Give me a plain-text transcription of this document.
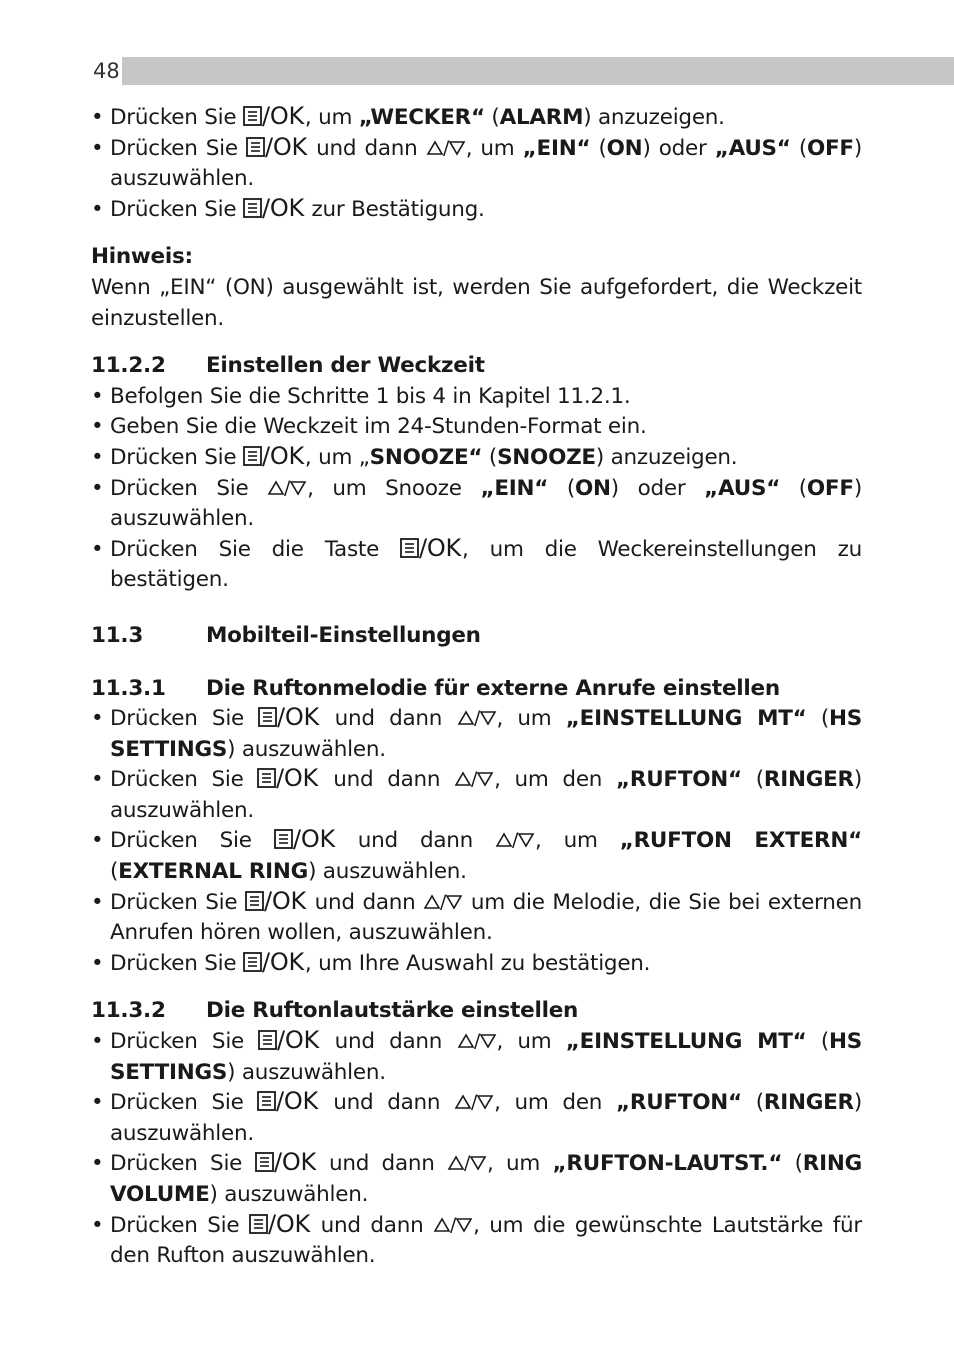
48
• Drücken Sie /OK , um „WECKER“ (ALARM) anzuzeigen.
• Drücken Sie /OK und dann / , um „EIN“ (ON) oder „AUS“ (OFF) auszuwählen.
• Drücken Sie /OK zur Bestätigung.
Hinweis:
Wenn „EIN“ (ON) ausgewählt ist, werden Sie aufgefordert, die Weckzeit einzustellen.
11.2.2	Einstellen der Weckzeit
• Befolgen Sie die Schritte 1 bis 4 in Kapitel 11.2.1.
• Geben Sie die Weckzeit im 24-Stunden-Format ein.
• Drücken Sie /OK , um „SNOOZE“ (SNOOZE) anzuzeigen.
• Drücken Sie / , um Snooze „EIN“ (ON) oder „AUS“ (OFF) auszuwählen.
• Drücken Sie die Taste /OK , um die Weckereinstellungen zu bestätigen.
11.3	Mobilteil-Einstellungen
11.3.1	Die Ruftonmelodie für externe Anrufe einstellen
• Drücken Sie /OK und dann / , um „EINSTELLUNG MT“ (HS SETTINGS) auszuwählen.
• Drücken Sie /OK und dann / , um den „RUFTON“ (RINGER) auszuwählen.
• Drücken Sie /OK und dann / , um „RUFTON EXTERN“ (EXTERNAL RING) auszuwählen.
• Drücken Sie /OK und dann / um die Melodie, die Sie bei externen Anrufen hören wollen, auszuwählen.
• Drücken Sie /OK , um Ihre Auswahl zu bestätigen.
11.3.2	Die Ruftonlautstärke einstellen
• Drücken Sie /OK und dann / , um „EINSTELLUNG MT“ (HS SETTINGS) auszuwählen.
• Drücken Sie /OK und dann / , um den „RUFTON“ (RINGER) auszuwählen.
• Drücken Sie /OK und dann / , um „RUFTON-LAUTST.“ (RING VOLUME) auszuwählen.
• Drücken Sie /OK und dann / , um die gewünschte Lautstärke für den Rufton auszuwählen.
